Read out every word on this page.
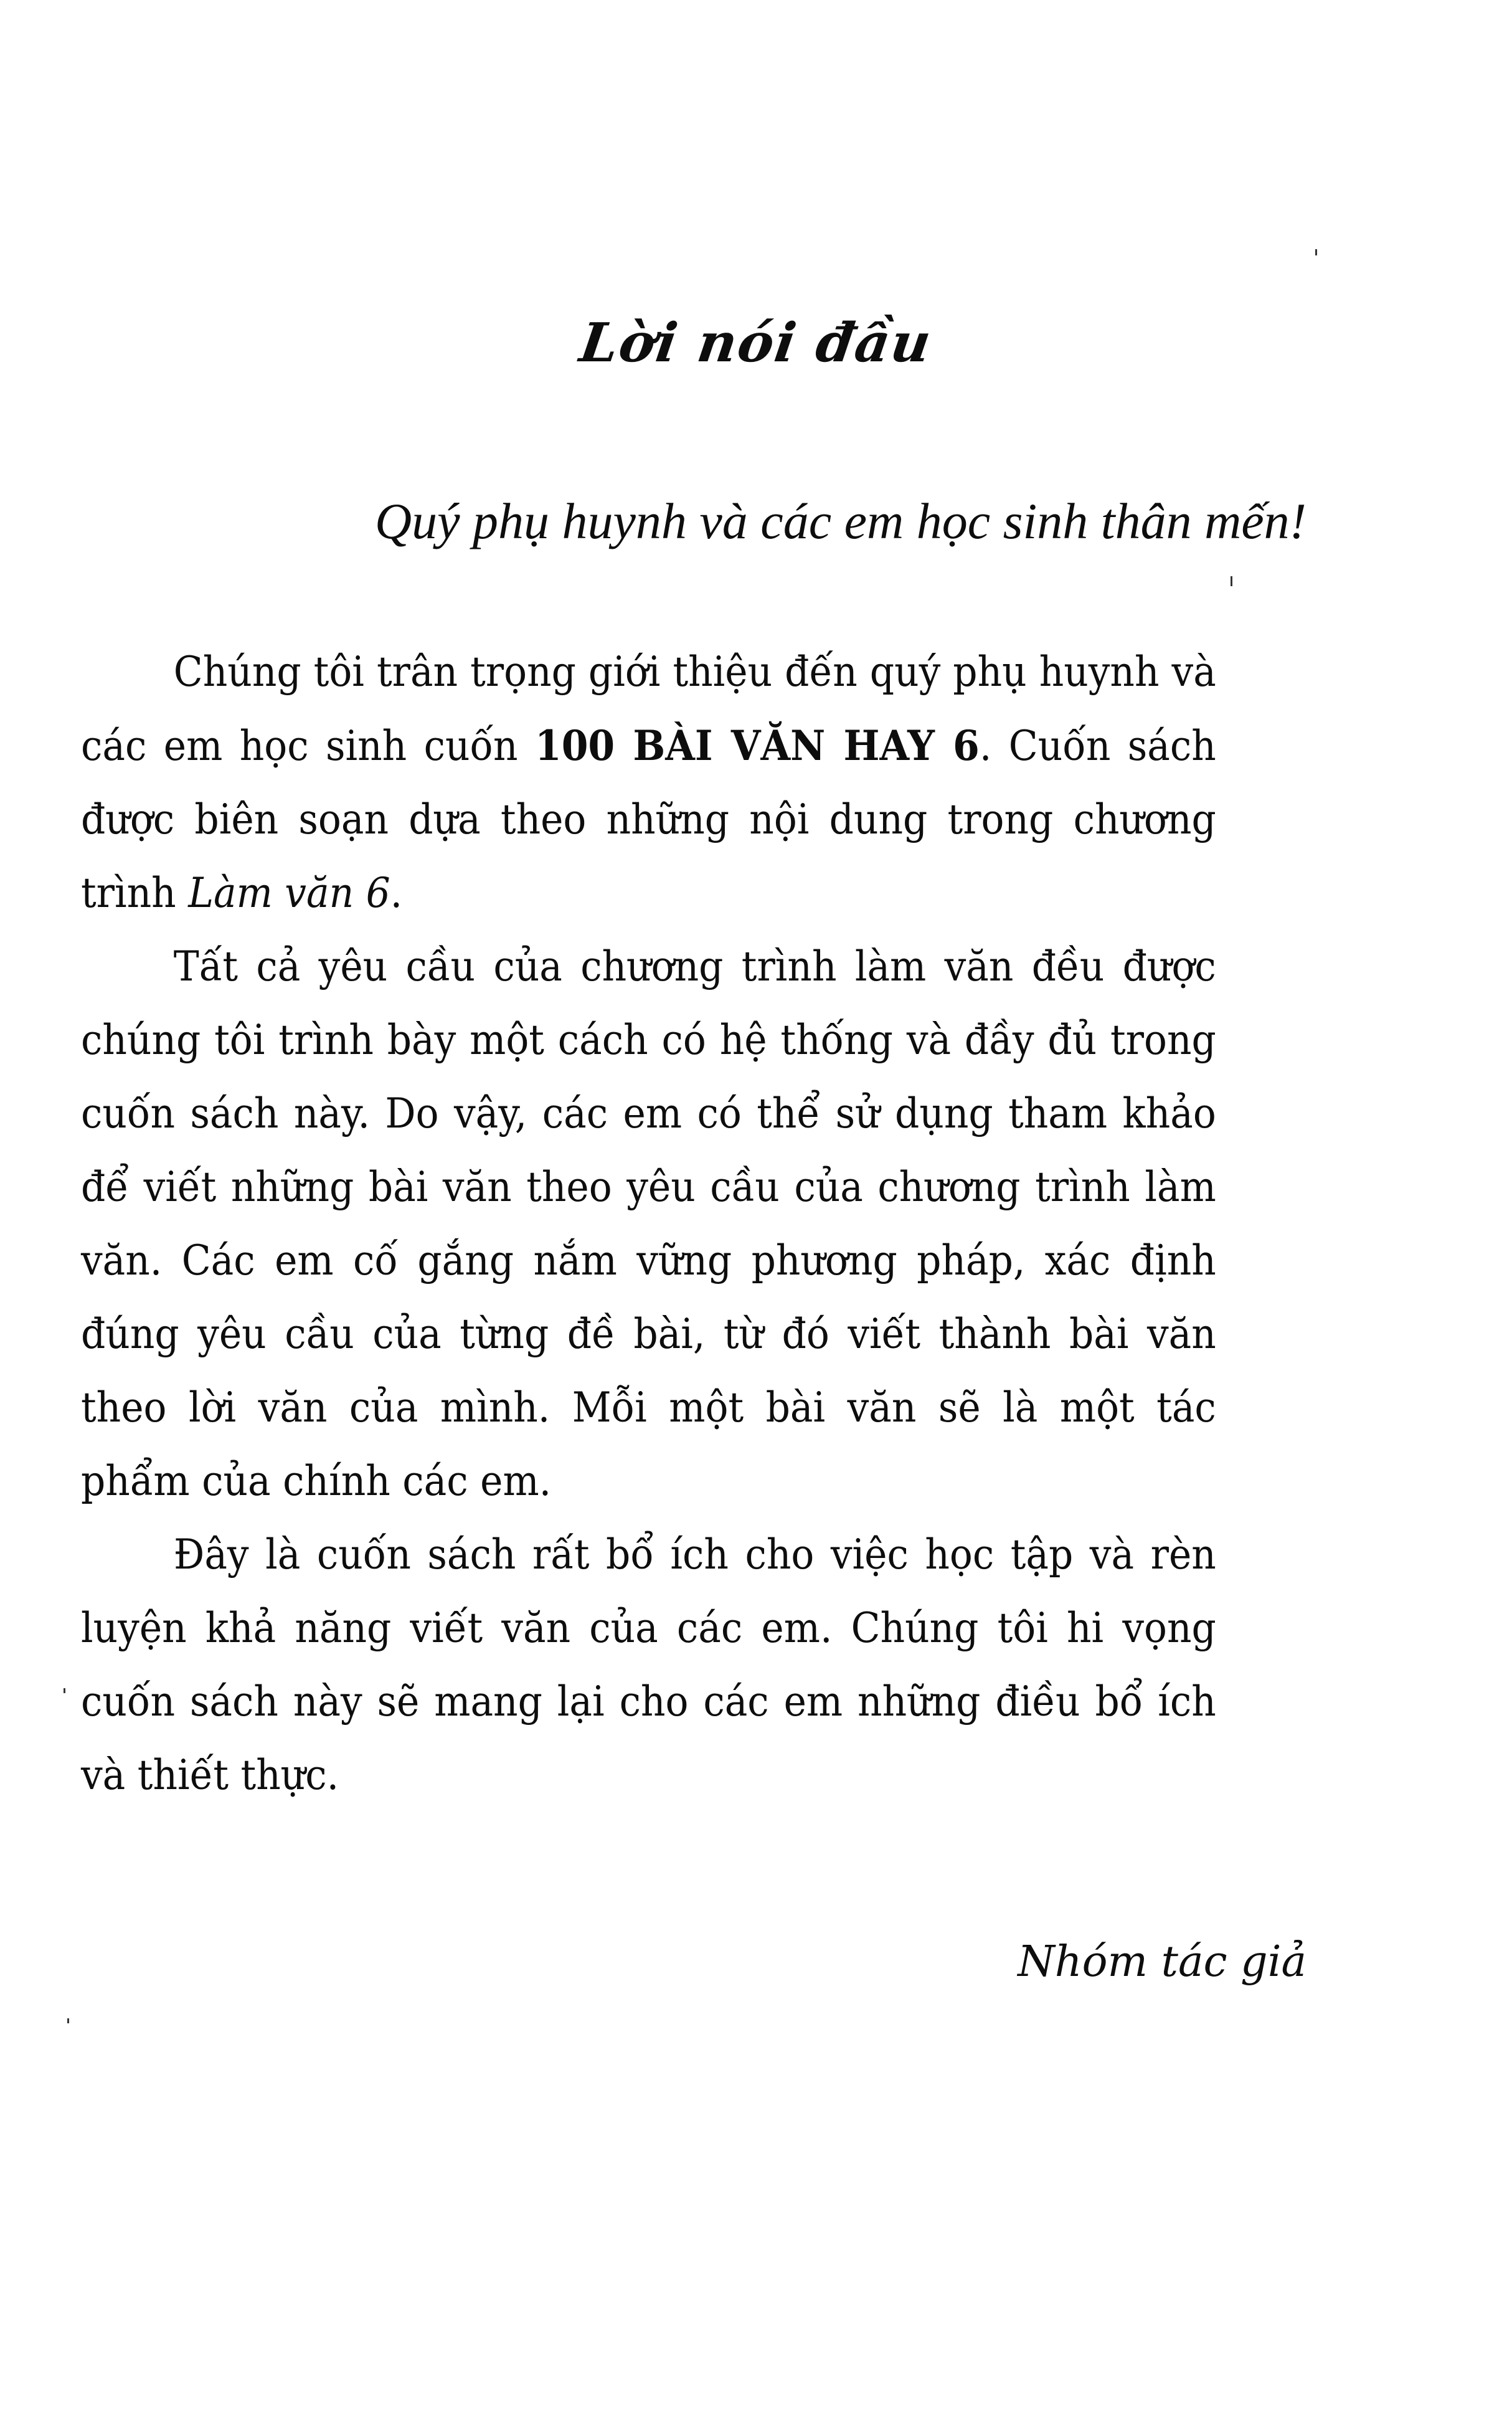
Lời nói đầu
Quý phụ huynh và các em học sinh thân mến!

Chúng tôi trân trọng giới thiệu đến quý phụ huynh và các em học sinh cuốn 100 BÀI VĂN HAY 6. Cuốn sách được biên soạn dựa theo những nội dung trong chương trình Làm văn 6.

Tất cả yêu cầu của chương trình làm văn đều được chúng tôi trình bày một cách có hệ thống và đầy đủ trong cuốn sách này. Do vậy, các em có thể sử dụng tham khảo để viết những bài văn theo yêu cầu của chương trình làm văn. Các em cố gắng nắm vững phương pháp, xác định đúng yêu cầu của từng đề bài, từ đó viết thành bài văn theo lời văn của mình. Mỗi một bài văn sẽ là một tác phẩm của chính các em.

Đây là cuốn sách rất bổ ích cho việc học tập và rèn luyện khả năng viết văn của các em. Chúng tôi hi vọng cuốn sách này sẽ mang lại cho các em những điều bổ ích và thiết thực.

Nhóm tác giả
